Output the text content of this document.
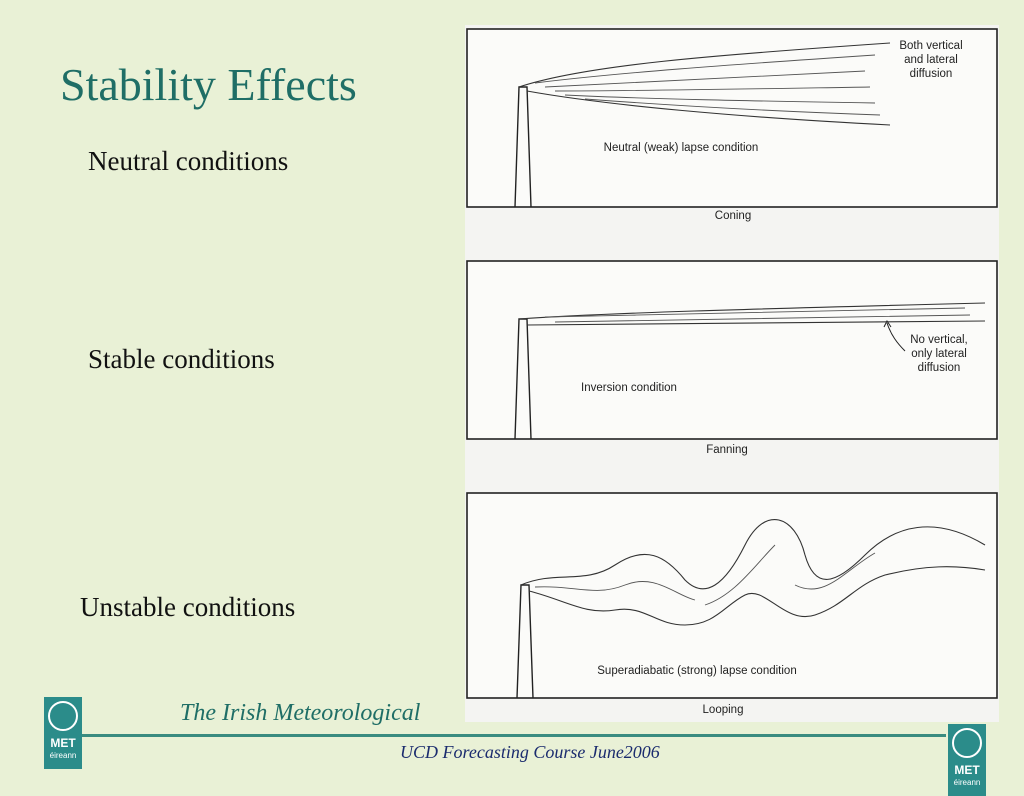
Stability Effects
Neutral conditions
Stable conditions
Unstable conditions
Both vertical
and lateral
diffusion
Neutral (weak) lapse condition
Coning
No vertical,
only lateral
diffusion
Inversion condition
Fanning
Superadiabatic (strong) lapse condition
Looping
The Irish Meteorological
UCD Forecasting Course June2006
MET
éireann
MET
éireann
